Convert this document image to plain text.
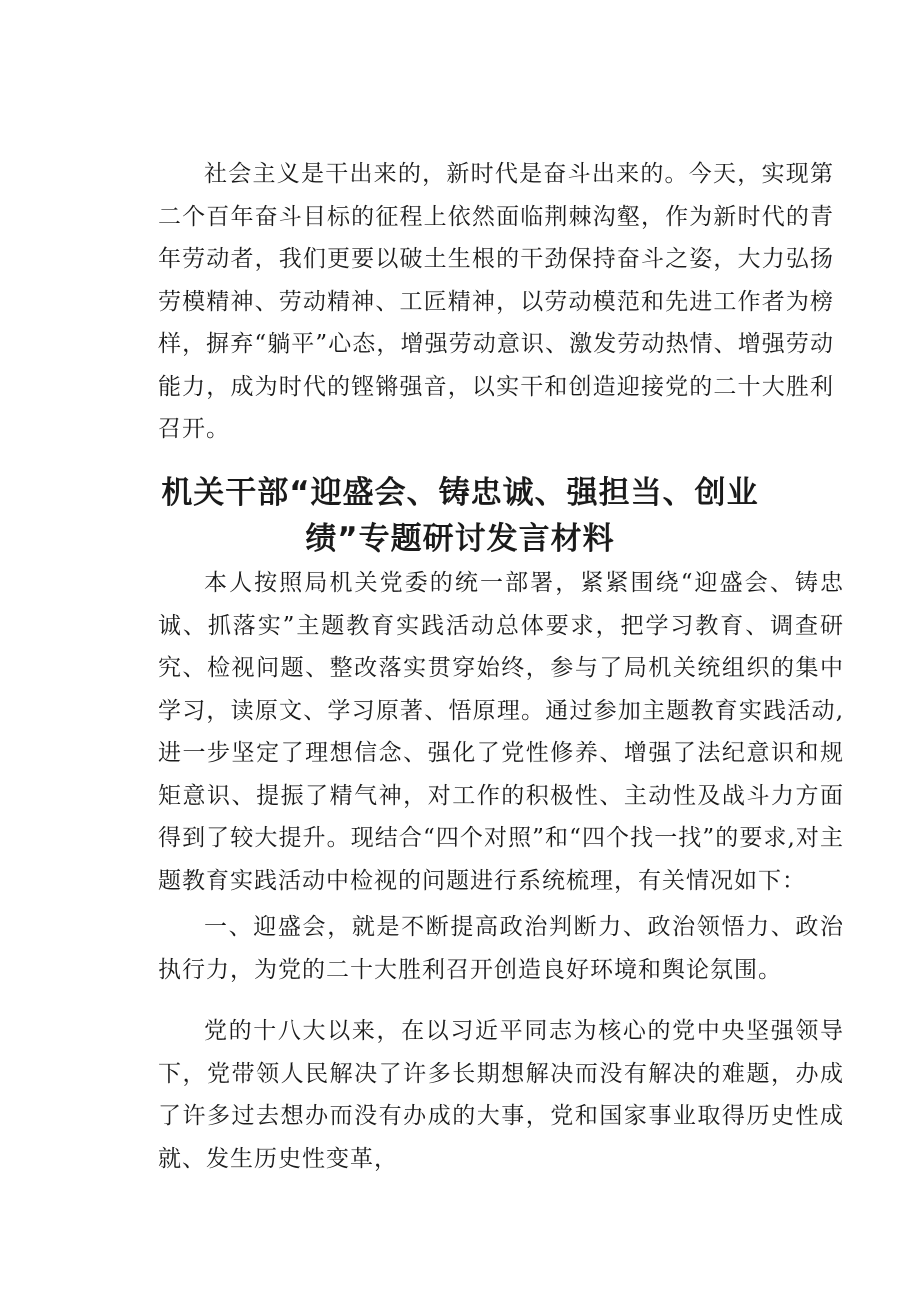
社会主义是干出来的，新时代是奋斗出来的。今天，实现第二个百年奋斗目标的征程上依然面临荆棘沟壑，作为新时代的青年劳动者，我们更要以破土生根的干劲保持奋斗之姿，大力弘扬劳模精神、劳动精神、工匠精神，以劳动模范和先进工作者为榜样，摒弃“躺平”心态，增强劳动意识、激发劳动热情、增强劳动能力，成为时代的铿锵强音，以实干和创造迎接党的二十大胜利召开。

机关干部“迎盛会、铸忠诚、强担当、创业绩”专题研讨发言材料

本人按照局机关党委的统一部署，紧紧围绕“迎盛会、铸忠诚、抓落实”主题教育实践活动总体要求，把学习教育、调查研究、检视问题、整改落实贯穿始终，参与了局机关统组织的集中学习，读原文、学习原著、悟原理。通过参加主题教育实践活动,进一步坚定了理想信念、强化了党性修养、增强了法纪意识和规矩意识、提振了精气神，对工作的积极性、主动性及战斗力方面得到了较大提升。现结合“四个对照”和“四个找一找”的要求,对主题教育实践活动中检视的问题进行系统梳理，有关情况如下：

一、迎盛会，就是不断提高政治判断力、政治领悟力、政治执行力，为党的二十大胜利召开创造良好环境和舆论氛围。

党的十八大以来，在以习近平同志为核心的党中央坚强领导下，党带领人民解决了许多长期想解决而没有解决的难题，办成了许多过去想办而没有办成的大事，党和国家事业取得历史性成就、发生历史性变革，
